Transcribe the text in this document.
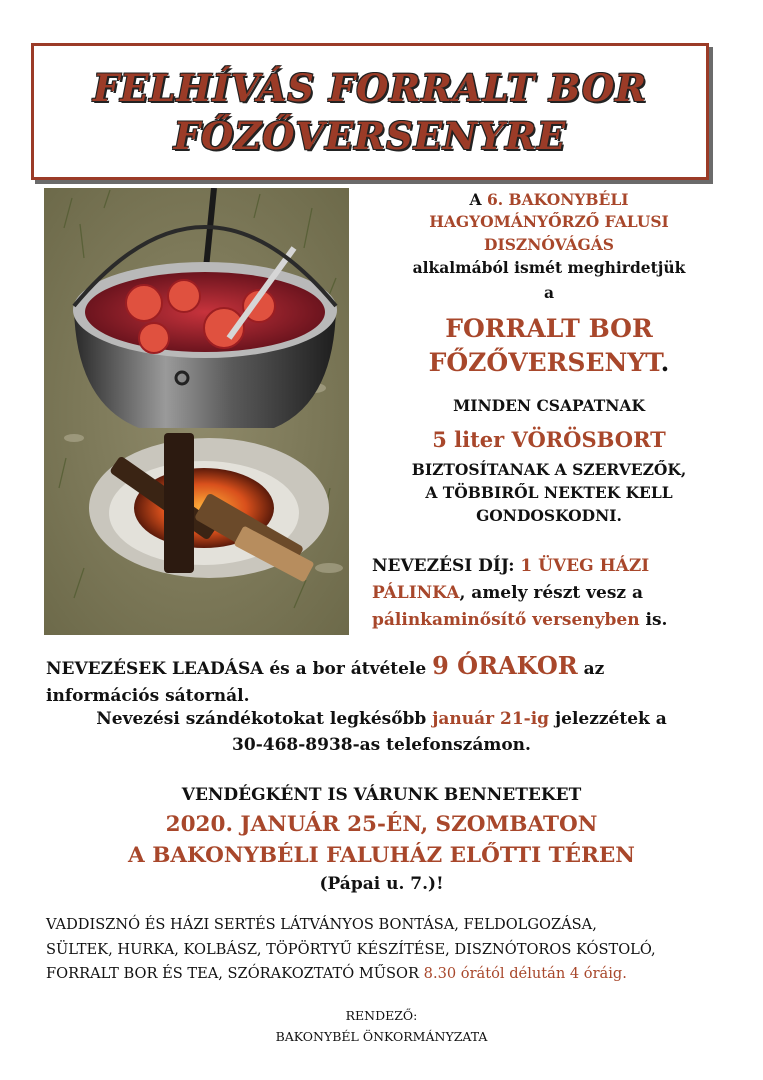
FELHÍVÁS FORRALT BOR
FŐZŐVERSENYRE
A 6. BAKONYBÉLI
HAGYOMÁNYŐRZŐ FALUSI
DISZNÓVÁGÁS
alkalmából ismét meghirdetjük
a
FORRALT BOR
FŐZŐVERSENYT.
MINDEN CSAPATNAK
5 liter VÖRÖSBORT
BIZTOSÍTANAK A SZERVEZŐK,
A TÖBBIRŐL NEKTEK KELL
GONDOSKODNI.
NEVEZÉSI DÍJ: 1 ÜVEG HÁZI
PÁLINKA, amely részt vesz a
pálinkaminősítő versenyben is.
NEVEZÉSEK LEADÁSA és a bor átvétele 9 ÓRAKOR az
információs sátornál.
Nevezési szándékotokat legkésőbb január 21-ig jelezzétek a
30-468-8938-as telefonszámon.
VENDÉGKÉNT IS VÁRUNK BENNETEKET
2020. JANUÁR 25-ÉN, SZOMBATON
A BAKONYBÉLI FALUHÁZ ELŐTTI TÉREN
(Pápai u. 7.)!
VADDISZNÓ ÉS HÁZI SERTÉS LÁTVÁNYOS BONTÁSA, FELDOLGOZÁSA,
SÜLTEK, HURKA, KOLBÁSZ, TÖPÖRTYŰ KÉSZÍTÉSE, DISZNÓTOROS KÓSTOLÓ,
FORRALT BOR ÉS TEA, SZÓRAKOZTATÓ MŰSOR 8.30 órától délután 4 óráig.
RENDEZŐ:
BAKONYBÉL ÖNKORMÁNYZATA
